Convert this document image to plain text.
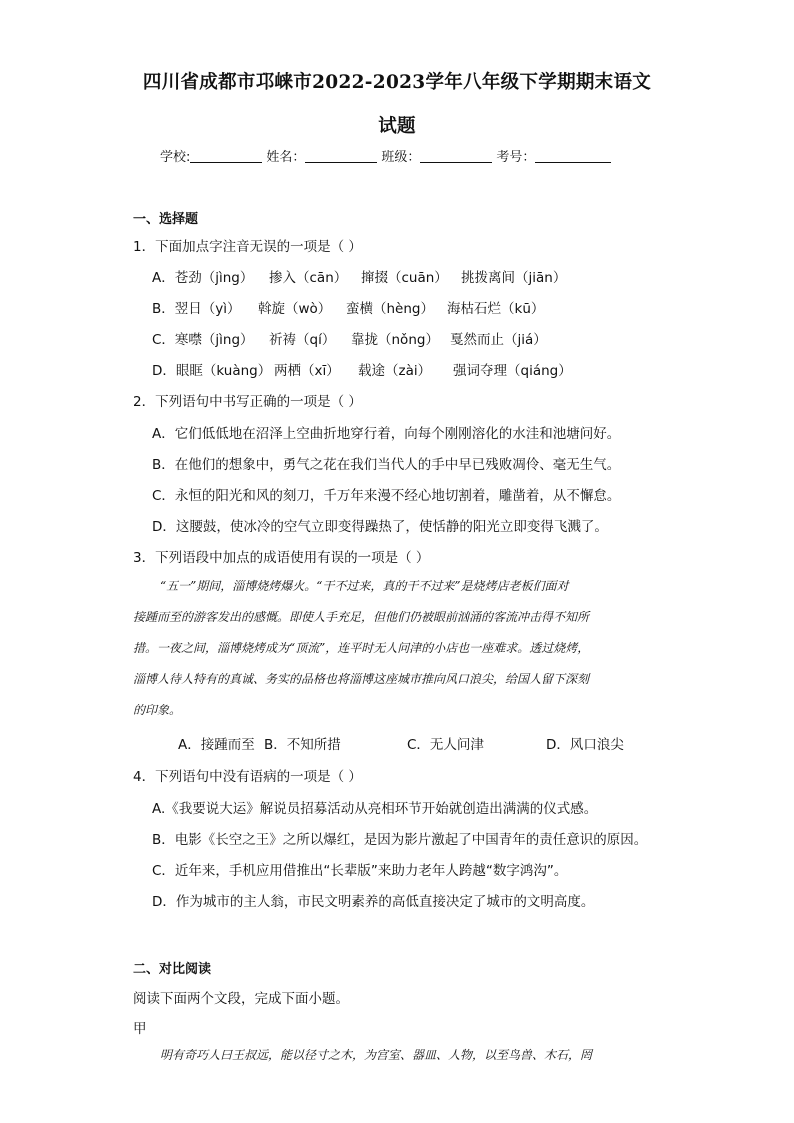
四川省成都市邛崃市2022-2023学年八年级下学期期末语文
试题
学校:	姓名：	班级：	考号：
一、选择题
1．下面加点字注音无误的一项是（ ）
A．苍劲（jìng） 掺入（cān） 撺掇（cuān） 挑拨离间（jiān）
B．翌日（yì） 斡旋（wò） 蛮横（hèng） 海枯石烂（kū）
C．寒噤（jìng） 祈祷（qí） 靠拢（nǒng） 戛然而止（jiá）
D．眼眶（kuàng） 两栖（xī） 载途（zài） 强词夺理（qiáng）
2．下列语句中书写正确的一项是（ ）
A．它们低低地在沼泽上空曲折地穿行着，向每个刚刚溶化的水洼和池塘问好。
B．在他们的想象中，勇气之花在我们当代人的手中早已残败凋伶、毫无生气。
C．永恒的阳光和风的刻刀，千万年来漫不经心地切割着，雕凿着，从不懈怠。
D．这腰鼓，使冰冷的空气立即变得躁热了，使恬静的阳光立即变得飞溅了。
3．下列语段中加点的成语使用有误的一项是（ ）
“五一”期间，淄博烧烤爆火。“干不过来，真的干不过来”是烧烤店老板们面对
接踵而至的游客发出的感慨。即使人手充足，但他们仍被眼前汹涌的客流冲击得不知所
措。一夜之间，淄博烧烤成为“顶流”，连平时无人问津的小店也一座难求。透过烧烤，
淄博人待人特有的真诚、务实的品格也将淄博这座城市推向风口浪尖，给国人留下深刻
的印象。
A．接踵而至 B．不知所措	C．无人问津	D．风口浪尖
4．下列语句中没有语病的一项是（ ）
A.《我要说大运》解说员招募活动从亮相环节开始就创造出满满的仪式感。
B．电影《长空之王》之所以爆红，是因为影片激起了中国青年的责任意识的原因。
C．近年来，手机应用借推出“长辈版”来助力老年人跨越“数字鸿沟”。
D．作为城市的主人翁，市民文明素养的高低直接决定了城市的文明高度。
二、对比阅读
阅读下面两个文段，完成下面小题。
甲
明有奇巧人曰王叔远，能以径寸之木，为宫室、器皿、人物，以至鸟兽、木石，罔
